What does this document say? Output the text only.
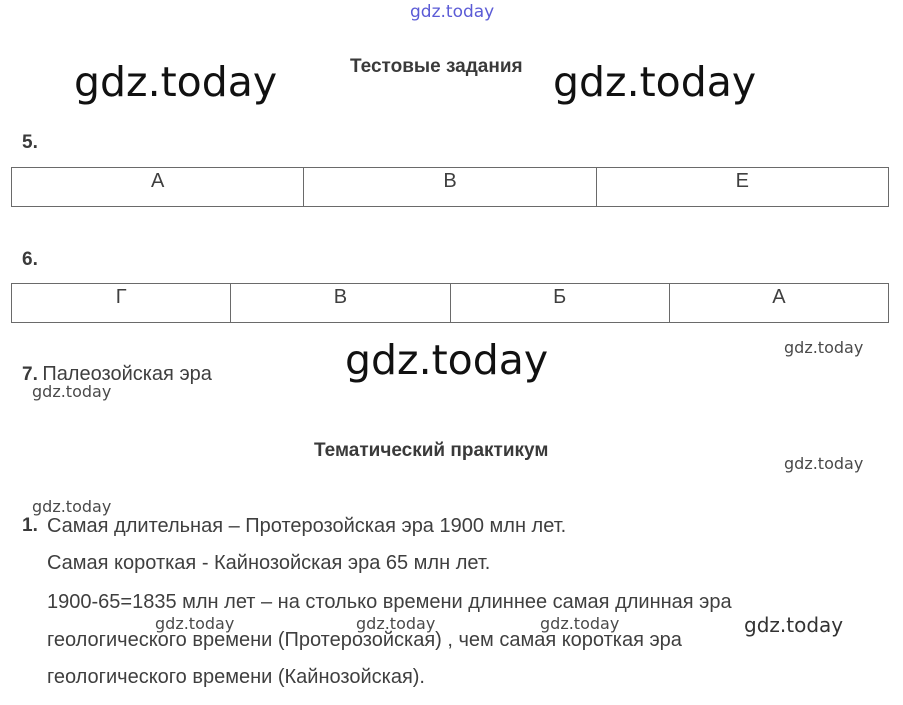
gdz.today
gdz.today	gdz.today
gdz.today
Тестовые задания
5.
А	В	Е
6.
Г	В	Б	А
7. Палеозойская эра
gdz.today
gdz.today
Тематический практикум
gdz.today
gdz.today
1. Самая длительная – Протерозойская эра 1900 млн лет.
Самая короткая - Кайнозойская эра 65 млн лет.
1900-65=1835 млн лет – на столько времени длиннее самая длинная эра
геологического времени (Протерозойская) , чем самая короткая эра
геологического времени (Кайнозойская).
gdz.today	gdz.today	gdz.today	gdz.today
